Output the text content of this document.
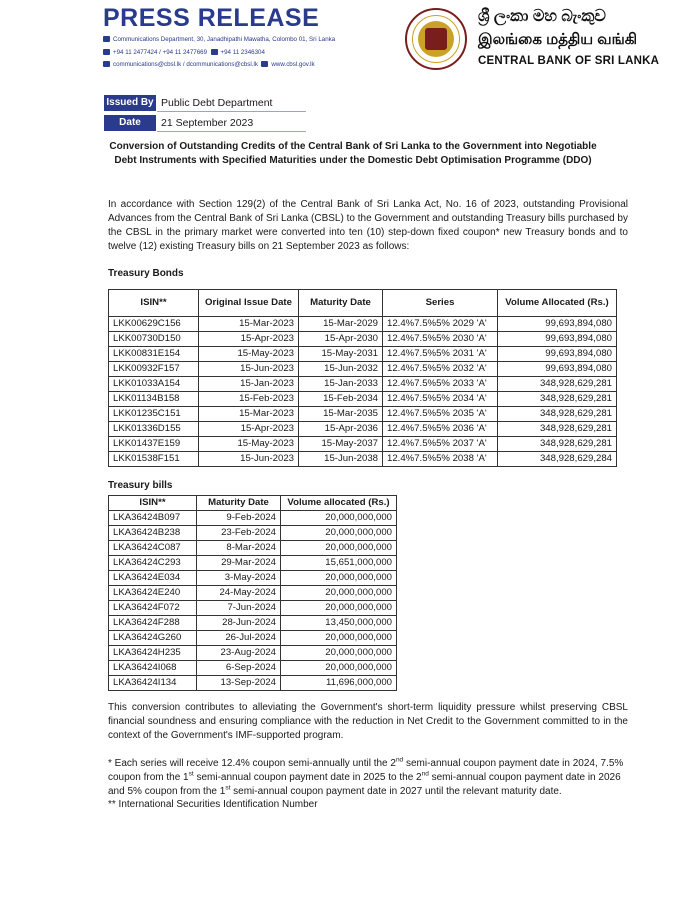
PRESS RELEASE
Communications Department, 30, Janadhipathi Mawatha, Colombo 01, Sri Lanka
+94 11 2477424 / +94 11 2477669 +94 11 2346304
communications@cbsl.lk / dcommunications@cbsl.lk www.cbsl.gov.lk
ශ්‍රී ලංකා මහ බැංකුව
இலங்கை மத்திய வங்கி
CENTRAL BANK OF SRI LANKA
Issued By Public Debt Department
Date	21 September 2023
Conversion of Outstanding Credits of the Central Bank of Sri Lanka to the Government into Negotiable Debt Instruments with Specified Maturities under the Domestic Debt Optimisation Programme (DDO)
In accordance with Section 129(2) of the Central Bank of Sri Lanka Act, No. 16 of 2023, outstanding Provisional Advances from the Central Bank of Sri Lanka (CBSL) to the Government and outstanding Treasury bills purchased by the CBSL in the primary market were converted into ten (10) step-down fixed coupon* new Treasury bonds and to twelve (12) existing Treasury bills on 21 September 2023 as follows:
Treasury Bonds
ISIN**	Original Issue Date	Maturity Date	Series	Volume Allocated (Rs.)
LKK00629C156	15-Mar-2023	15-Mar-2029	12.4%7.5%5% 2029 'A'	99,693,894,080
LKK00730D150	15-Apr-2023	15-Apr-2030	12.4%7.5%5% 2030 'A'	99,693,894,080
LKK00831E154	15-May-2023	15-May-2031	12.4%7.5%5% 2031 'A'	99,693,894,080
LKK00932F157	15-Jun-2023	15-Jun-2032	12.4%7.5%5% 2032 'A'	99,693,894,080
LKK01033A154	15-Jan-2023	15-Jan-2033	12.4%7.5%5% 2033 'A'	348,928,629,281
LKK01134B158	15-Feb-2023	15-Feb-2034	12.4%7.5%5% 2034 'A'	348,928,629,281
LKK01235C151	15-Mar-2023	15-Mar-2035	12.4%7.5%5% 2035 'A'	348,928,629,281
LKK01336D155	15-Apr-2023	15-Apr-2036	12.4%7.5%5% 2036 'A'	348,928,629,281
LKK01437E159	15-May-2023	15-May-2037	12.4%7.5%5% 2037 'A'	348,928,629,281
LKK01538F151	15-Jun-2023	15-Jun-2038	12.4%7.5%5% 2038 'A'	348,928,629,284
Treasury bills
ISIN**	Maturity Date	Volume allocated (Rs.)
LKA36424B097	9-Feb-2024	20,000,000,000
LKA36424B238	23-Feb-2024	20,000,000,000
LKA36424C087	8-Mar-2024	20,000,000,000
LKA36424C293	29-Mar-2024	15,651,000,000
LKA36424E034	3-May-2024	20,000,000,000
LKA36424E240	24-May-2024	20,000,000,000
LKA36424F072	7-Jun-2024	20,000,000,000
LKA36424F288	28-Jun-2024	13,450,000,000
LKA36424G260	26-Jul-2024	20,000,000,000
LKA36424H235	23-Aug-2024	20,000,000,000
LKA36424I068	6-Sep-2024	20,000,000,000
LKA36424I134	13-Sep-2024	11,696,000,000
This conversion contributes to alleviating the Government's short-term liquidity pressure whilst preserving CBSL financial soundness and ensuring compliance with the reduction in Net Credit to the Government committed to in the context of the Government's IMF-supported program.
* Each series will receive 12.4% coupon semi-annually until the 2nd semi-annual coupon payment date in 2024, 7.5% coupon from the 1st semi-annual coupon payment date in 2025 to the 2nd semi-annual coupon payment date in 2026 and 5% coupon from the 1st semi-annual coupon payment date in 2027 until the relevant maturity date.
** International Securities Identification Number
